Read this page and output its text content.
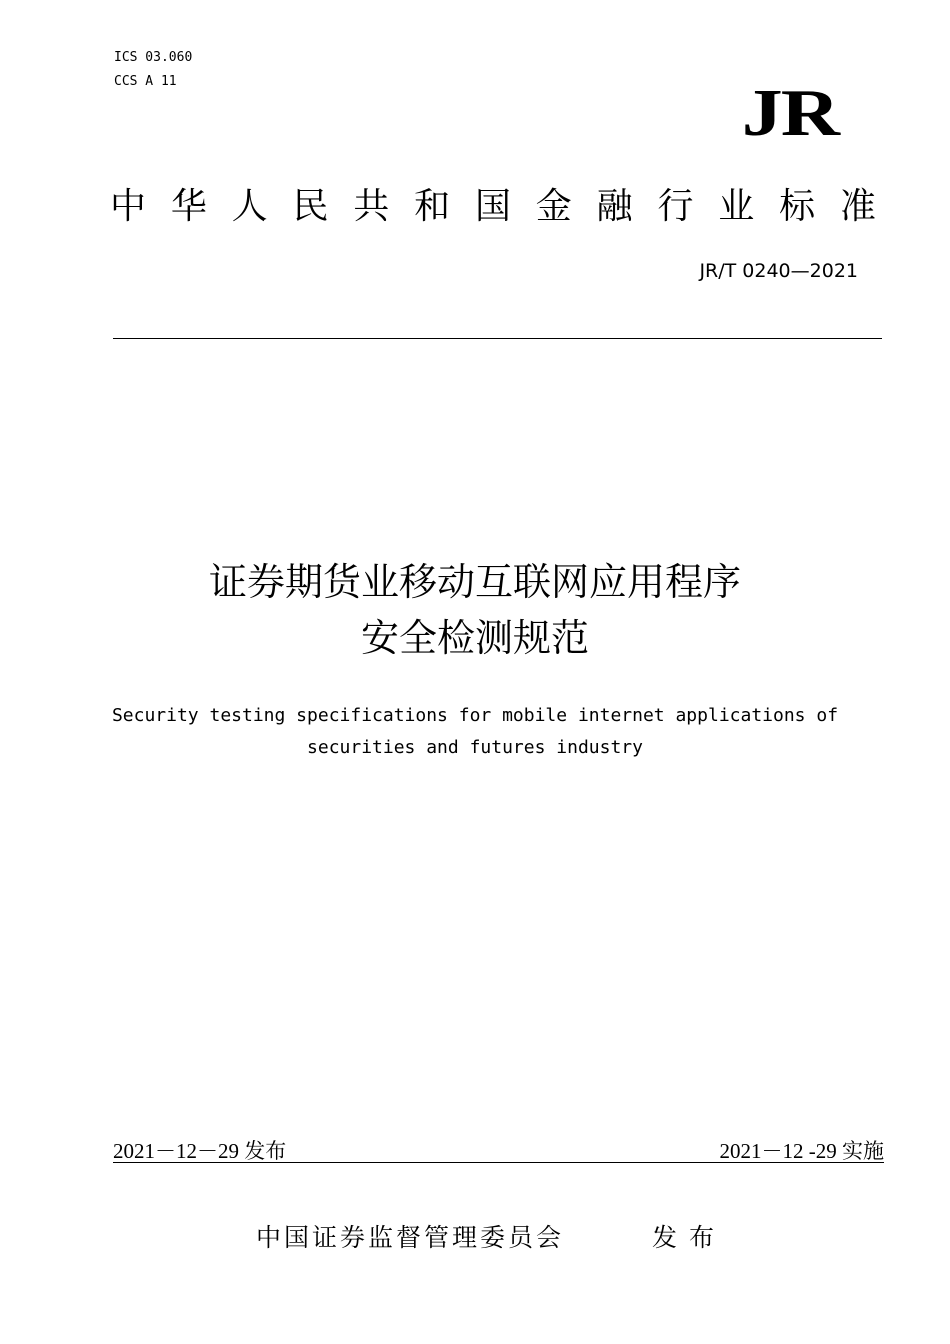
ICS 03.060
CCS A 11	JR
中 华 人 民 共 和 国 金 融 行 业 标 准
JR/T 0240—2021
证券期货业移动互联网应用程序
安全检测规范
Security testing specifications for mobile internet applications of
securities and futures industry
2021－12－29 发布	2021－12 -29 实施
中国证券监督管理委员会	发布
